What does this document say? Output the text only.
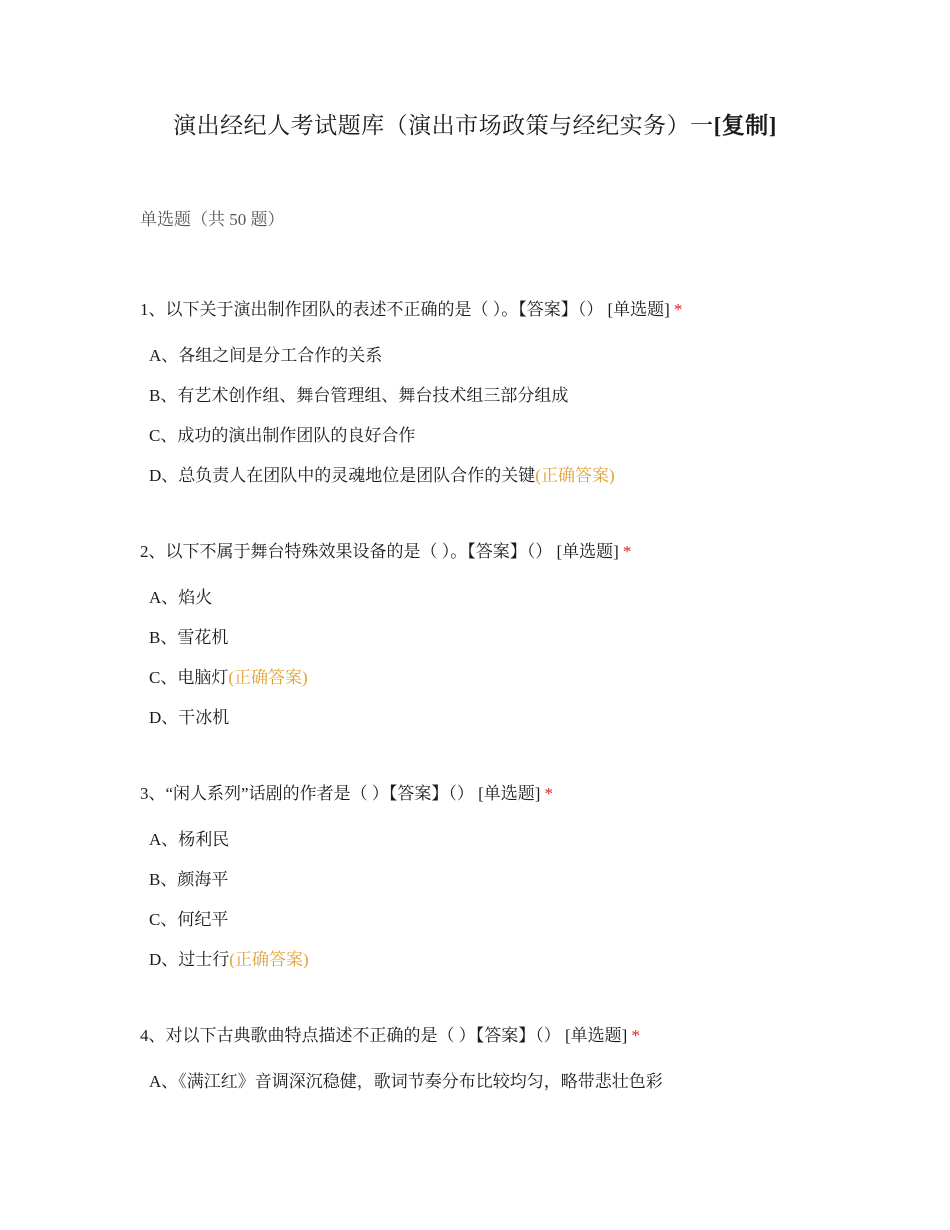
演出经纪人考试题库（演出市场政策与经纪实务）一[复制]
单选题（共 50 题）
1、以下关于演出制作团队的表述不正确的是（ ）。【答案】（） [单选题] *
A、各组之间是分工合作的关系
B、有艺术创作组、舞台管理组、舞台技术组三部分组成
C、成功的演出制作团队的良好合作
D、总负责人在团队中的灵魂地位是团队合作的关键(正确答案)
2、以下不属于舞台特殊效果设备的是（ ）。【答案】（） [单选题] *
A、焰火
B、雪花机
C、电脑灯(正确答案)
D、干冰机
3、“闲人系列”话剧的作者是（ ）【答案】（） [单选题] *
A、杨利民
B、颜海平
C、何纪平
D、过士行(正确答案)
4、对以下古典歌曲特点描述不正确的是（ ）【答案】（） [单选题] *
A、《满江红》音调深沉稳健，歌词节奏分布比较均匀，略带悲壮色彩
